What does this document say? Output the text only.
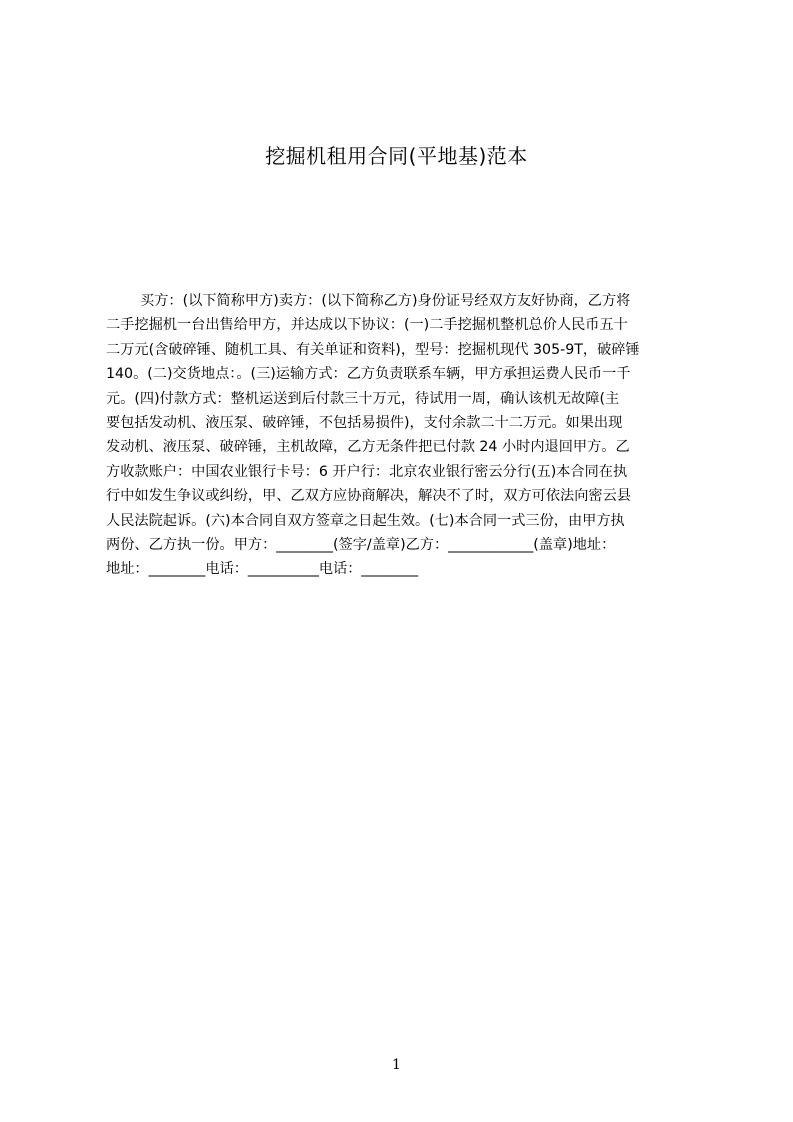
挖掘机租用合同(平地基)范本
买方：(以下简称甲方)卖方：(以下简称乙方)身份证号经双方友好协商，乙方将
二手挖掘机一台出售给甲方，并达成以下协议：(一)二手挖掘机整机总价人民币五十
二万元(含破碎锤、随机工具、有关单证和资料)，型号：挖掘机现代 305-9T，破碎锤
140。(二)交货地点：。(三)运输方式：乙方负责联系车辆，甲方承担运费人民币一千
元。(四)付款方式：整机运送到后付款三十万元，待试用一周，确认该机无故障(主
要包括发动机、液压泵、破碎锤，不包括易损件)，支付余款二十二万元。如果出现
发动机、液压泵、破碎锤，主机故障，乙方无条件把已付款 24 小时内退回甲方。乙
方收款账户：中国农业银行卡号：6 开户行：北京农业银行密云分行(五)本合同在执
行中如发生争议或纠纷，甲、乙双方应协商解决，解决不了时，双方可依法向密云县
人民法院起诉。(六)本合同自双方签章之日起生效。(七)本合同一式三份，由甲方执
两份、乙方执一份。甲方：________(签字/盖章)乙方：____________(盖章)地址：
地址：________电话：__________电话：________
1
